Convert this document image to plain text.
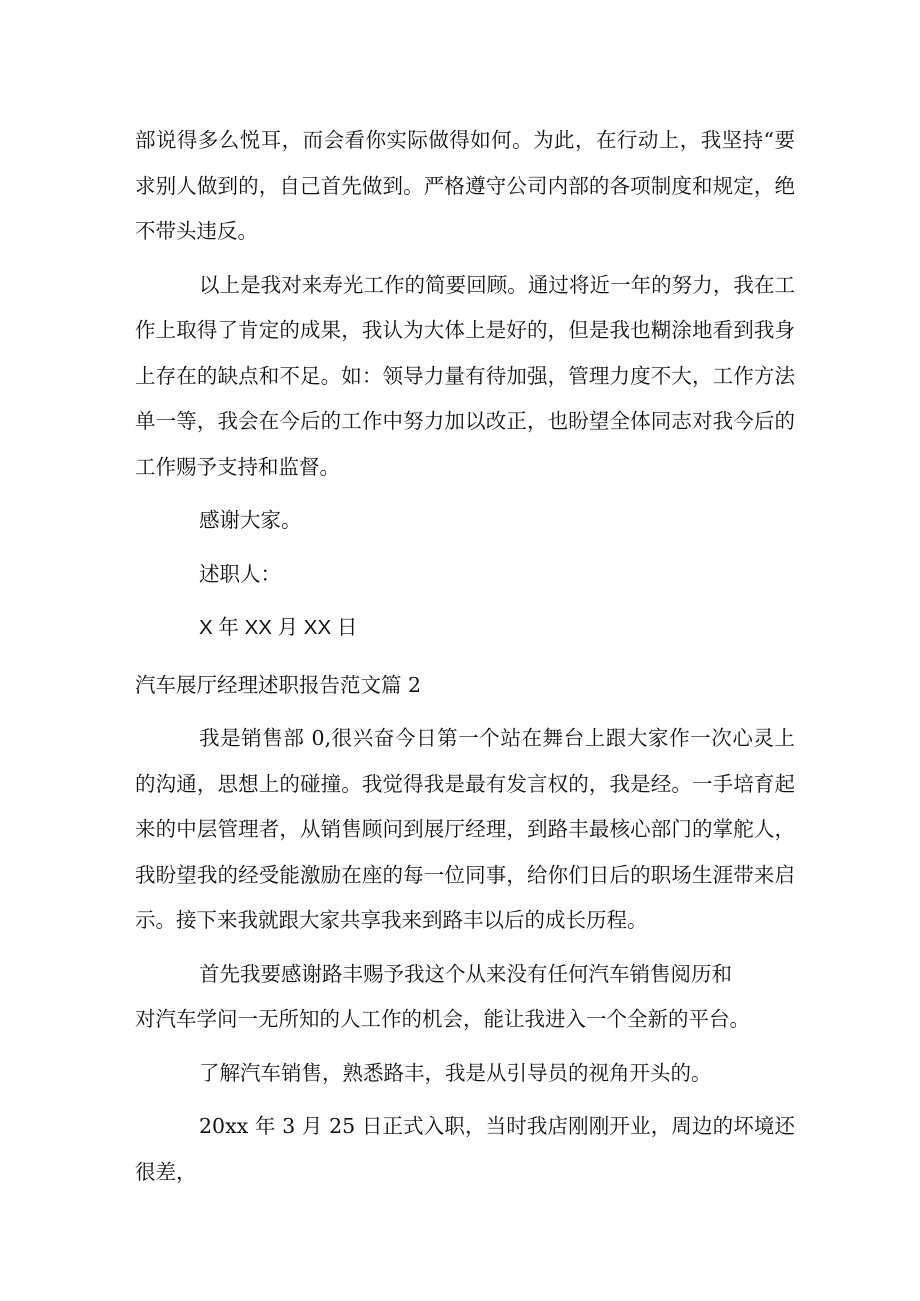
部说得多么悦耳，而会看你实际做得如何。为此，在行动上，我坚持“要求别人做到的，自己首先做到。严格遵守公司内部的各项制度和规定，绝不带头违反。

以上是我对来寿光工作的简要回顾。通过将近一年的努力，我在工作上取得了肯定的成果，我认为大体上是好的，但是我也糊涂地看到我身上存在的缺点和不足。如：领导力量有待加强，管理力度不大，工作方法单一等，我会在今后的工作中努力加以改正，也盼望全体同志对我今后的工作赐予支持和监督。

感谢大家。

述职人：

X 年 XX 月 XX 日

汽车展厅经理述职报告范文篇 2

我是销售部 0,很兴奋今日第一个站在舞台上跟大家作一次心灵上的沟通，思想上的碰撞。我觉得我是最有发言权的，我是经。一手培育起来的中层管理者，从销售顾问到展厅经理，到路丰最核心部门的掌舵人，我盼望我的经受能激励在座的每一位同事，给你们日后的职场生涯带来启示。接下来我就跟大家共享我来到路丰以后的成长历程。

首先我要感谢路丰赐予我这个从来没有任何汽车销售阅历和

对汽车学问一无所知的人工作的机会，能让我进入一个全新的平台。

了解汽车销售，熟悉路丰，我是从引导员的视角开头的。

20xx 年 3 月 25 日正式入职，当时我店刚刚开业，周边的坏境还很差，
